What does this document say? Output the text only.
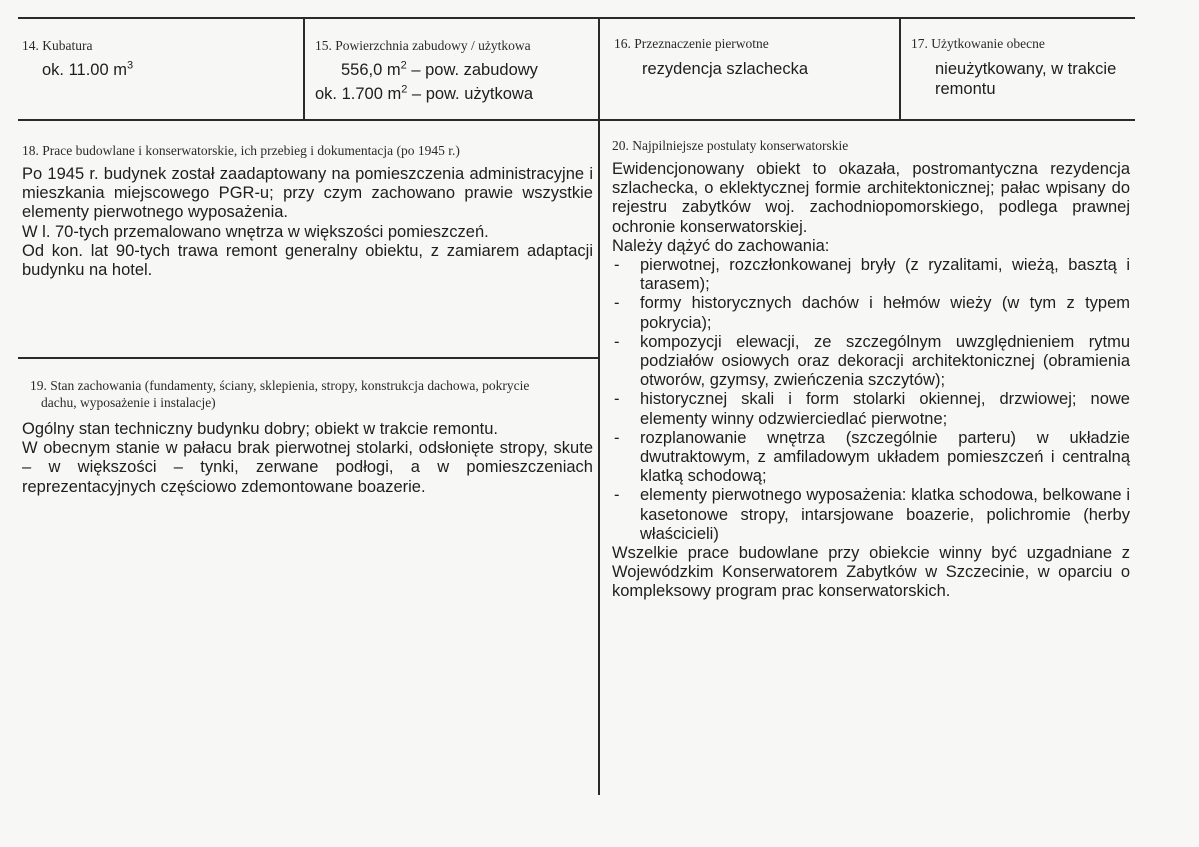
14. Kubatura
ok. 11.00 $m^3$
15. Powierzchnia zabudowy / użytkowa
556,0 $m^2$ – pow. zabudowy
ok. 1.700 $m^2$ – pow. użytkowa
16. Przeznaczenie pierwotne
rezydencja szlachecka
17. Użytkowanie obecne
nieużytkowany, w trakcie remontu
18. Prace budowlane i konserwatorskie, ich przebieg i dokumentacja (po 1945 r.)

Po 1945 r. budynek został zaadaptowany na pomieszczenia administracyjne i mieszkania miejscowego PGR-u; przy czym zachowano prawie wszystkie elementy pierwotnego wyposażenia.

W l. 70-tych przemalowano wnętrza w większości pomieszczeń.

Od kon. lat 90-tych trawa remont generalny obiektu, z zamiarem adaptacji budynku na hotel.

19. Stan zachowania (fundamenty, ściany, sklepienia, stropy, konstrukcja dachowa, pokrycie
dachu, wyposażenie i instalacje)

Ogólny stan techniczny budynku dobry; obiekt w trakcie remontu.

W obecnym stanie w pałacu brak pierwotnej stolarki, odsłonięte stropy, skute – w większości – tynki, zerwane podłogi, a w pomieszczeniach reprezentacyjnych częściowo zdemontowane boazerie.

20. Najpilniejsze postulaty konserwatorskie

Ewidencjonowany obiekt to okazała, postromantyczna rezydencja szlachecka, o eklektycznej formie architektonicznej; pałac wpisany do rejestru zabytków woj. zachodniopomorskiego, podlega prawnej ochronie konserwatorskiej.

Należy dążyć do zachowania:

- pierwotnej, rozczłonkowanej bryły (z ryzalitami, wieżą, basztą i tarasem);
- formy historycznych dachów i hełmów wieży (w tym z typem pokrycia);
- kompozycji elewacji, ze szczególnym uwzględnieniem rytmu podziałów osiowych oraz dekoracji architektonicznej (obramienia otworów, gzymsy, zwieńczenia szczytów);
- historycznej skali i form stolarki okiennej, drzwiowej; nowe elementy winny odzwierciedlać pierwotne;
- rozplanowanie wnętrza (szczególnie parteru) w układzie dwutraktowym, z amfiladowym układem pomieszczeń i centralną klatką schodową;
- elementy pierwotnego wyposażenia: klatka schodowa, belkowane i kasetonowe stropy, intarsjowane boazerie, polichromie (herby właścicieli)

Wszelkie prace budowlane przy obiekcie winny być uzgadniane z Wojewódzkim Konserwatorem Zabytków w Szczecinie, w oparciu o kompleksowy program prac konserwatorskich.
